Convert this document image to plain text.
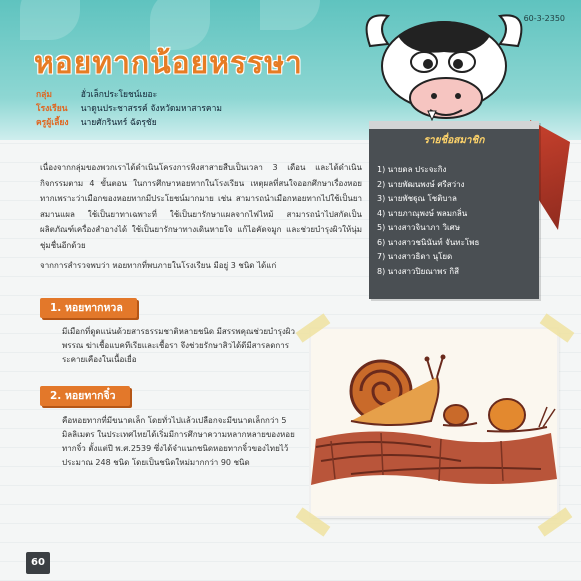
60-3-2350
หอยทากน้อยหรรษา
กลุ่ม	ฮั่วเล็กประโยชน์เยอะ
โรงเรียน นาดูนประชาสรรค์ จังหวัดมหาสารคาม
ครูผู้เลี้ยง นายศักรินทร์ ฉัตรุชัย
รายชื่อสมาชิก
1) นายดล ประจะกิง
2) นายพัฒนพงษ์ ศรีสว่าง
3) นายพัชฐุณ โชติบาล
4) นายภาณุพงษ์ พลมกลิ่น
5) นางสาวจินาภา วิเศษ
6) นางสาวชนินันท์ จันทะโพธ
7) นางสาวธิดา นุโยด
8) นางสาวปิยณาพร กิสี

เนื่องจากกลุ่มของพวกเราได้ดำเนินโครงการหิงสาสายสืบเป็นเวลา 3 เดือน และได้ดำเนินกิจกรรมตาม 4 ขั้นตอน ในการศึกษาหอยทากในโรงเรียน เหตุผลที่สนใจออกศึกษาเรื่องหอยทากเพราะว่าเมือกของหอยทากมีประโยชน์มากมาย เช่น สามารถนำเมือกหอยทากไปใช้เป็นยาสมานแผล ใช้เป็นยาทาเฉพาะที่ ใช้เป็นยารักษาแผลจากไฟไหม้ สามารถนำไปสกัดเป็นผลิตภัณฑ์เครื่องสำอางได้ ใช้เป็นยารักษาทางเดินหายใจ แก้ไอคัดจมูก และช่วยบำรุงผิวให้นุ่มชุ่มชื่นอีกด้วย

จากการสำรวจพบว่า หอยทากที่พบภายในโรงเรียน มีอยู่ 3 ชนิด ได้แก่

1. หอยทากหวล

มีเมือกที่ดูดแน่นด้วยสารธรรมชาติหลายชนิด มีสรรพคุณช่วยบำรุงผิวพรรณ ฆ่าเชื้อแบคทีเรียและเชื้อรา จึงช่วยรักษาสิวได้ดีมีสารลดการระคายเคืองในเนื้อเยื่อ

2. หอยทากจิ๋ว

คือหอยทากที่มีขนาดเล็ก โดยทั่วไปแล้วเปลือกจะมีขนาดเล็กกว่า 5 มิลลิเมตร ในประเทศไทยได้เริ่มมีการศึกษาความหลากหลายของหอยทากจิ๋ว ตั้งแต่ปี พ.ศ.2539 ซึ่งได้จำแนกชนิดหอยทากจิ๋วของไทยไว้ประมาณ 248 ชนิด โดยเป็นชนิดใหม่มากกว่า 90 ชนิด

60
